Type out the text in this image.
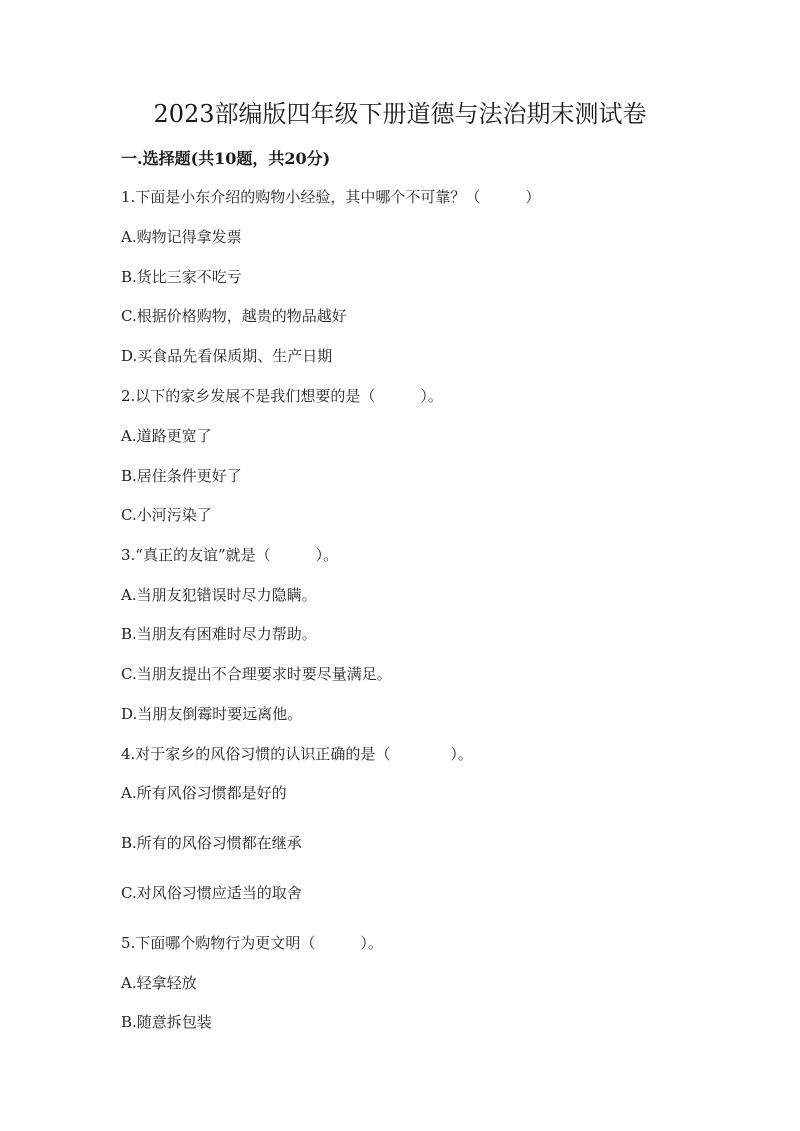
2023部编版四年级下册道德与法治期末测试卷
一.选择题(共10题，共20分)
1.下面是小东介绍的购物小经验，其中哪个不可靠？（　　　）
A.购物记得拿发票
B.货比三家不吃亏
C.根据价格购物，越贵的物品越好
D.买食品先看保质期、生产日期
2.以下的家乡发展不是我们想要的是（　　　）。
A.道路更宽了
B.居住条件更好了
C.小河污染了
3.“真正的友谊”就是（　　　）。
A.当朋友犯错误时尽力隐瞒。
B.当朋友有困难时尽力帮助。
C.当朋友提出不合理要求时要尽量满足。
D.当朋友倒霉时要远离他。
4.对于家乡的风俗习惯的认识正确的是（　　　　）。
A.所有风俗习惯都是好的
B.所有的风俗习惯都在继承
C.对风俗习惯应适当的取舍
5.下面哪个购物行为更文明（　　　）。
A.轻拿轻放
B.随意拆包装
